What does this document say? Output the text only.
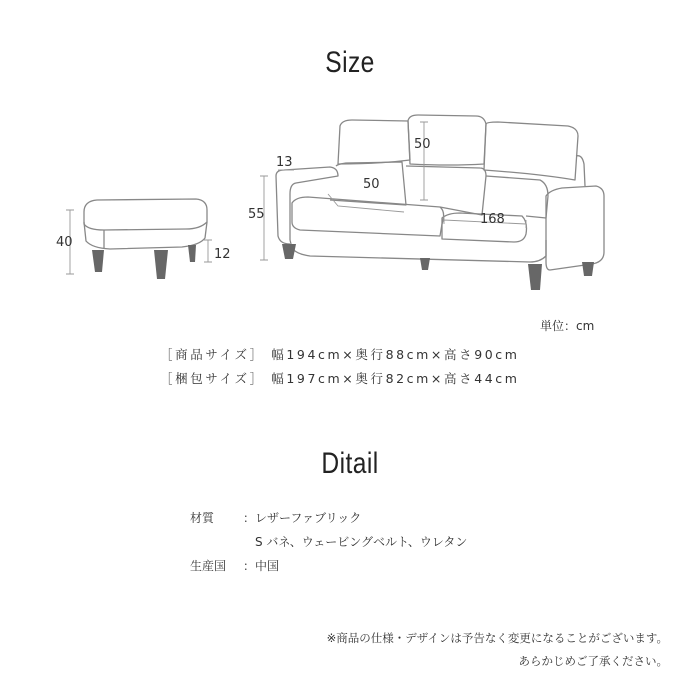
Size
40
12
55
13
50
50
168
単位：cm
［商品サイズ］ 幅194cm×奥行88cm×高さ90cm
［梱包サイズ］ 幅197cm×奥行82cm×高さ44cm
Ditail
材質 ：レザーファブリック
S バネ、ウェービングベルト、ウレタン
生産国 ：中国
※商品の仕様・デザインは予告なく変更になることがございます。
あらかじめご了承ください。
